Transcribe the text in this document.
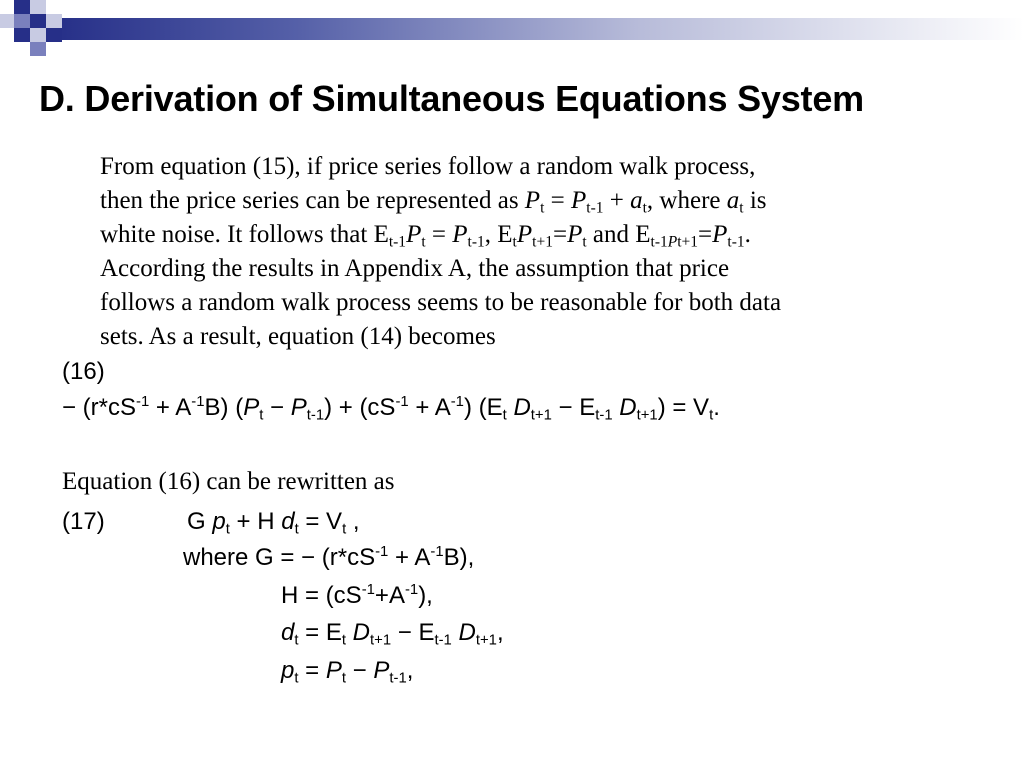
D. Derivation of Simultaneous Equations System
From equation (15), if price series follow a random walk process,
then the price series can be represented as $P_t = P_{t-1} + a_t$, where $a_t$ is
white noise. It follows that $E_{t-1}P_t = P_{t-1}$, $E_tP_{t+1}=P_t$ and $E_{t-1Pt+1}=P_{t-1}$.
According the results in Appendix A, the assumption that price
follows a random walk process seems to be reasonable for both data
sets. As a result, equation (14) becomes
(16)
− $(r*cS^{-1} + A^{-1}B) (P_t - P_{t-1}) + (cS^{-1} + A^{-1})$ ($E_t$ $D_{t+1} - E_{t-1}$ $D_{t+1}) = V_t$.
Equation (16) can be rewritten as
(17)	G $p_t + H$ $d_t = V_t$ ,
where G = − $(r*cS^{-1} + A^{-1}B)$,
$H = (cS^{-1}+A^{-1})$,
$d_t = E_t$ $D_{t+1} - E_{t-1}$ $D_{t+1}$,
$p_t = P_t - P_{t-1}$,
